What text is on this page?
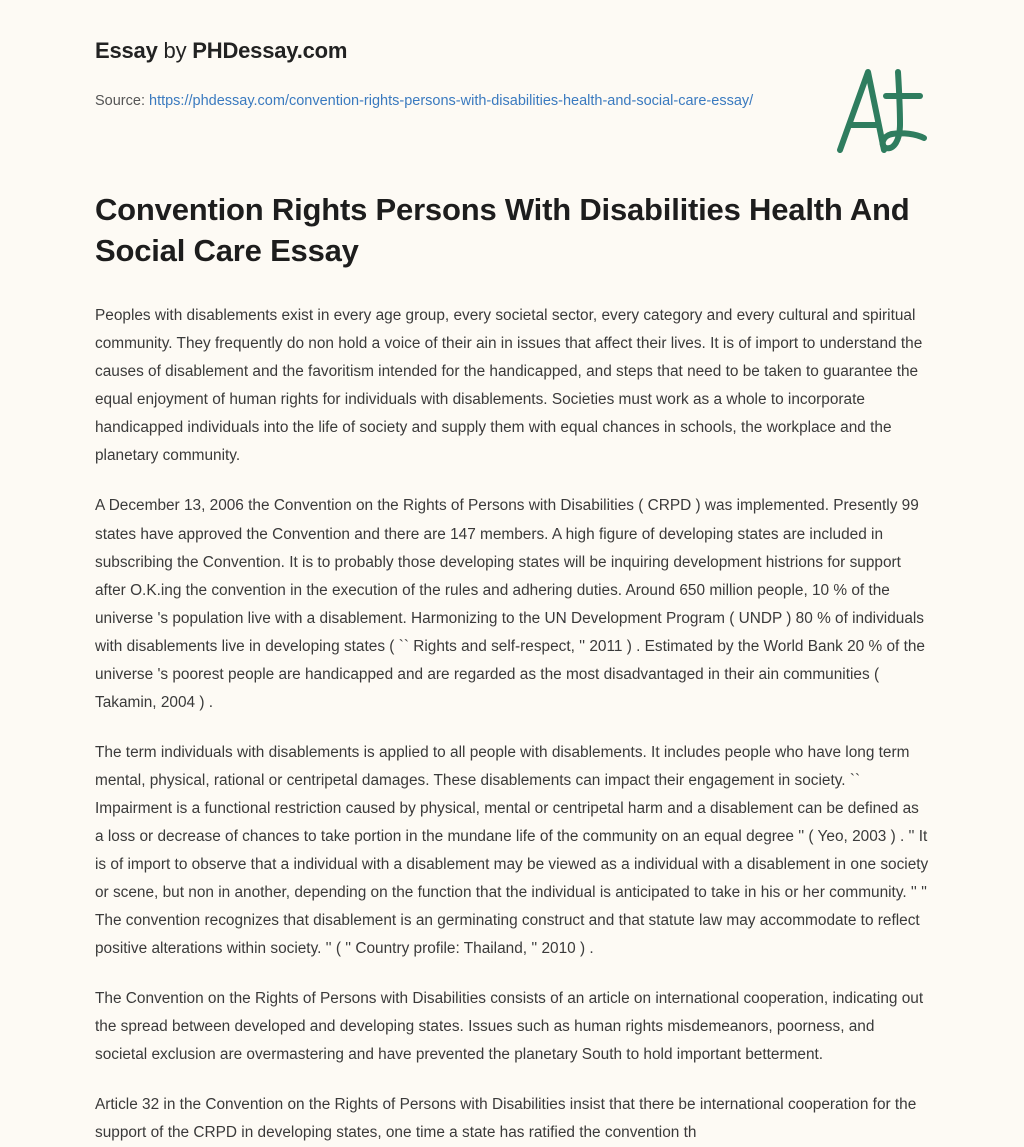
Essay by PHDessay.com
Source: https://phdessay.com/convention-rights-persons-with-disabilities-health-and-social-care-essay/
Convention Rights Persons With Disabilities Health And Social Care Essay

Peoples with disablements exist in every age group, every societal sector, every category and every cultural and spiritual community. They frequently do non hold a voice of their ain in issues that affect their lives. It is of import to understand the causes of disablement and the favoritism intended for the handicapped, and steps that need to be taken to guarantee the equal enjoyment of human rights for individuals with disablements. Societies must work as a whole to incorporate handicapped individuals into the life of society and supply them with equal chances in schools, the workplace and the planetary community.

A December 13, 2006 the Convention on the Rights of Persons with Disabilities ( CRPD ) was implemented. Presently 99 states have approved the Convention and there are 147 members. A high figure of developing states are included in subscribing the Convention. It is to probably those developing states will be inquiring development histrions for support after O.K.ing the convention in the execution of the rules and adhering duties. Around 650 million people, 10 % of the universe 's population live with a disablement. Harmonizing to the UN Development Program ( UNDP ) 80 % of individuals with disablements live in developing states ( `` Rights and self-respect, '' 2011 ) . Estimated by the World Bank 20 % of the universe 's poorest people are handicapped and are regarded as the most disadvantaged in their ain communities ( Takamin, 2004 ) .

The term individuals with disablements is applied to all people with disablements. It includes people who have long term mental, physical, rational or centripetal damages. These disablements can impact their engagement in society. `` Impairment is a functional restriction caused by physical, mental or centripetal harm and a disablement can be defined as a loss or decrease of chances to take portion in the mundane life of the community on an equal degree '' ( Yeo, 2003 ) . '' It is of import to observe that a individual with a disablement may be viewed as a individual with a disablement in one society or scene, but non in another, depending on the function that the individual is anticipated to take in his or her community. '' '' The convention recognizes that disablement is an germinating construct and that statute law may accommodate to reflect positive alterations within society. '' ( '' Country profile: Thailand, '' 2010 ) .

The Convention on the Rights of Persons with Disabilities consists of an article on international cooperation, indicating out the spread between developed and developing states. Issues such as human rights misdemeanors, poorness, and societal exclusion are overmastering and have prevented the planetary South to hold important betterment.

Article 32 in the Convention on the Rights of Persons with Disabilities insist that there be international cooperation for the support of the CRPD in developing states, one time a state has ratified the convention th
